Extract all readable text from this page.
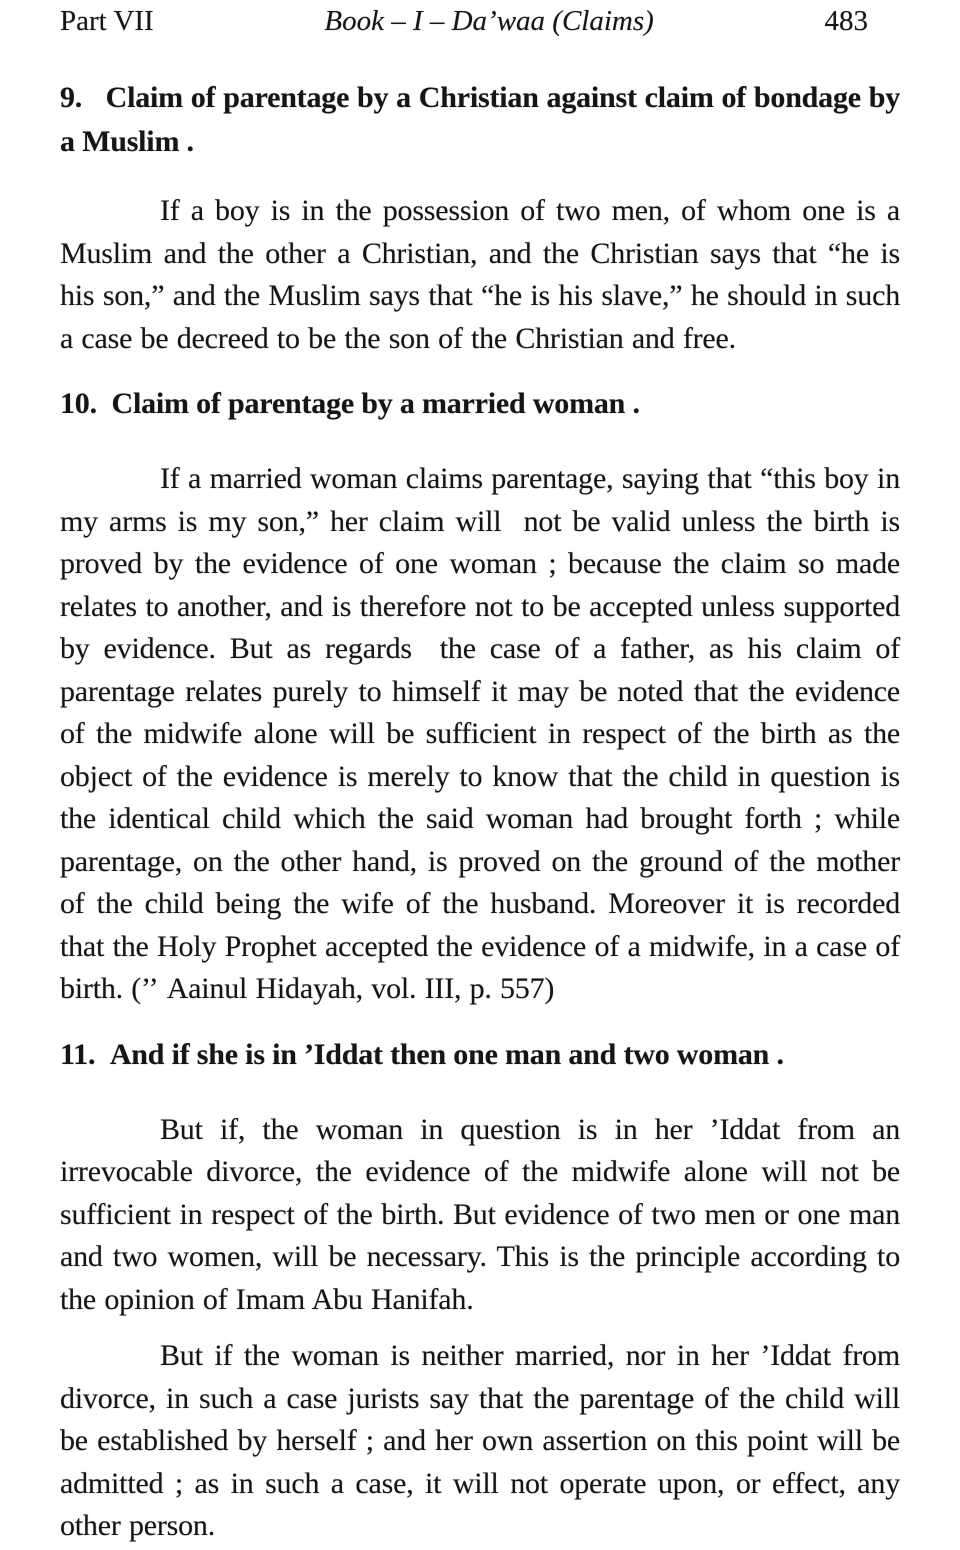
Part VII	Book – I – Da’waa (Claims)	483
9.   Claim of parentage by a Christian against claim of bondage by a Muslim .

If a boy is in the possession of two men, of whom one is a Muslim and the other a Christian, and the Christian says that “he is his son,” and the Muslim says that “he is his slave,” he should in such a case be decreed to be the son of the Christian and free.

10.  Claim of parentage by a married woman .

If a married woman claims parentage, saying that “this boy in my arms is my son,” her claim will  not be valid unless the birth is proved by the evidence of one woman ; because the claim so made relates to another, and is therefore not to be accepted unless supported by evidence. But as regards  the case of a father, as his claim of parentage relates purely to himself it may be noted that the evidence of the midwife alone will be sufficient in respect of the birth as the object of the evidence is merely to know that the child in question is the identical child which the said woman had brought forth ; while parentage, on the other hand, is proved on the ground of the mother of the child being the wife of the husband. Moreover it is recorded that the Holy Prophet accepted the evidence of a midwife, in a case of birth. (’’ Aainul Hidayah, vol. III, p. 557)

11.  And if she is in ’Iddat then one man and two woman .

But if, the woman in question is in her ’Iddat from an irrevocable divorce, the evidence of the midwife alone will not be sufficient in respect of the birth. But evidence of two men or one man and two women, will be necessary. This is the principle according to the opinion of Imam Abu Hanifah.

But if the woman is neither married, nor in her ’Iddat from divorce, in such a case jurists say that the parentage of the child will be established by herself ; and her own assertion on this point will be admitted ; as in such a case, it will not operate upon, or effect, any other person.
